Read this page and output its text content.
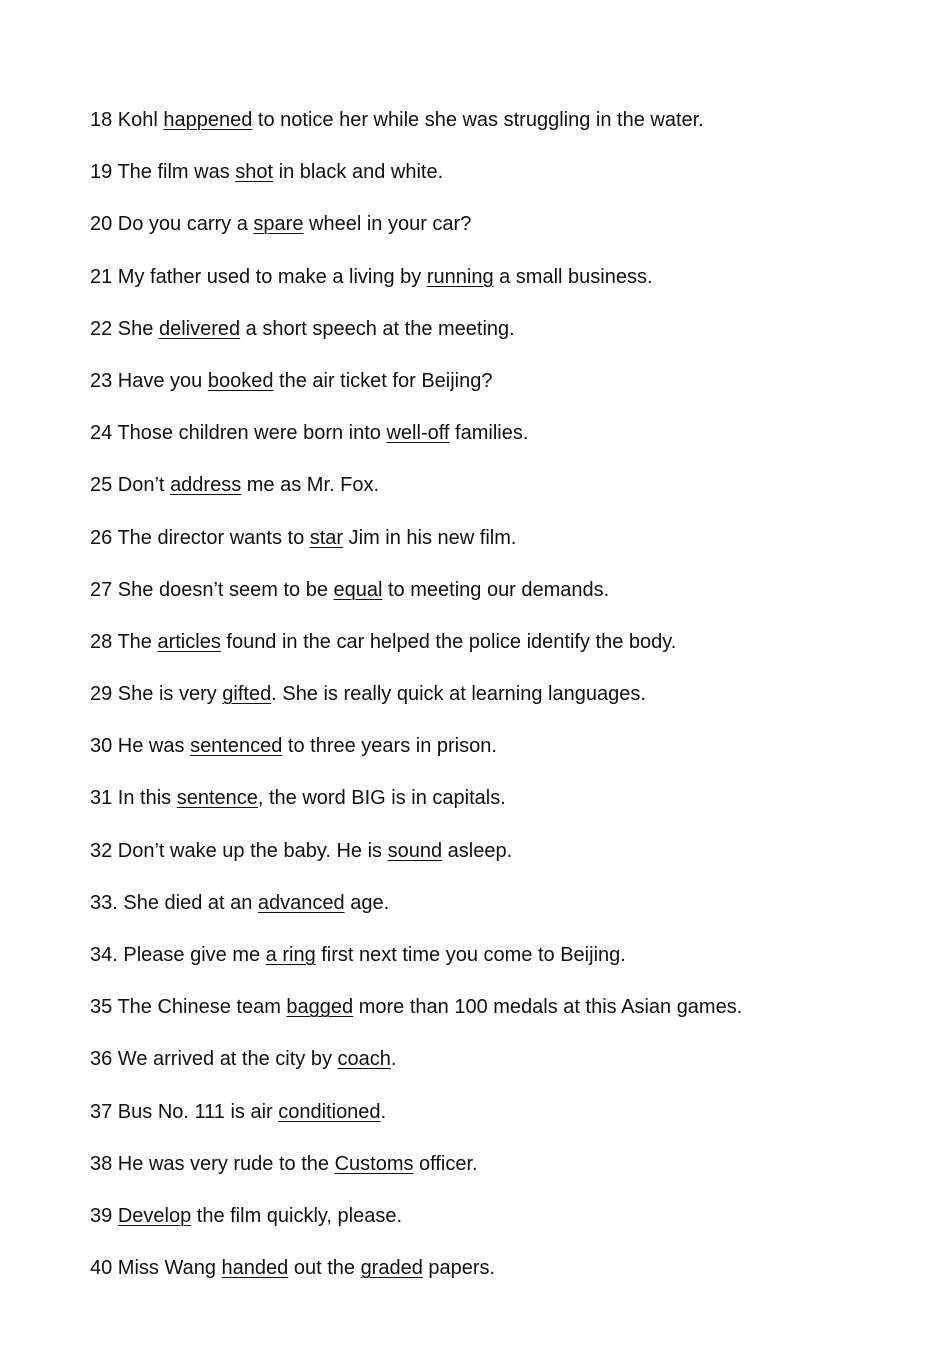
18 Kohl happened to notice her while she was struggling in the water.
19 The film was shot in black and white.
20 Do you carry a spare wheel in your car?
21 My father used to make a living by running a small business.
22 She delivered a short speech at the meeting.
23 Have you booked the air ticket for Beijing?
24 Those children were born into well-off families.
25 Don’t address me as Mr. Fox.
26 The director wants to star Jim in his new film.
27 She doesn’t seem to be equal to meeting our demands.
28 The articles found in the car helped the police identify the body.
29 She is very gifted. She is really quick at learning languages.
30 He was sentenced to three years in prison.
31 In this sentence, the word BIG is in capitals.
32 Don’t wake up the baby. He is sound asleep.
33. She died at an advanced age.
34. Please give me a ring first next time you come to Beijing.
35 The Chinese team bagged more than 100 medals at this Asian games.
36 We arrived at the city by coach.
37 Bus No. 111 is air conditioned.
38 He was very rude to the Customs officer.
39 Develop the film quickly, please.
40 Miss Wang handed out the graded papers.
